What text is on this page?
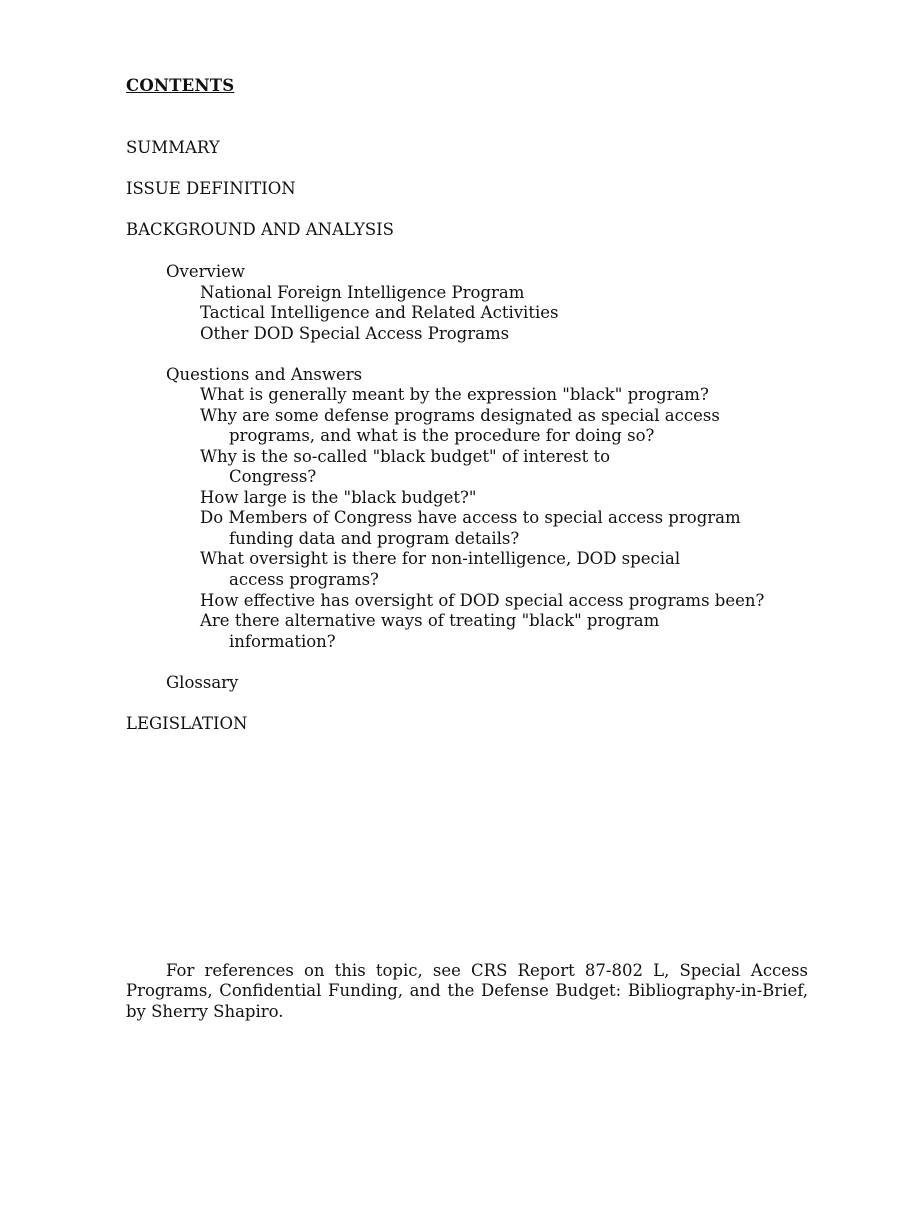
CONTENTS
SUMMARY
ISSUE DEFINITION
BACKGROUND AND ANALYSIS
Overview
National Foreign Intelligence Program
Tactical Intelligence and Related Activities
Other DOD Special Access Programs
Questions and Answers
What is generally meant by the expression "black" program?
Why are some defense programs designated as special access
programs, and what is the procedure for doing so?
Why is the so-called "black budget" of interest to
Congress?
How large is the "black budget?"
Do Members of Congress have access to special access program
funding data and program details?
What oversight is there for non-intelligence, DOD special
access programs?
How effective has oversight of DOD special access programs been?
Are there alternative ways of treating "black" program
information?
Glossary
LEGISLATION
For references on this topic, see CRS Report 87-802 L, Special Access Programs, Confidential Funding, and the Defense Budget: Bibliography-in-Brief, by Sherry Shapiro.
